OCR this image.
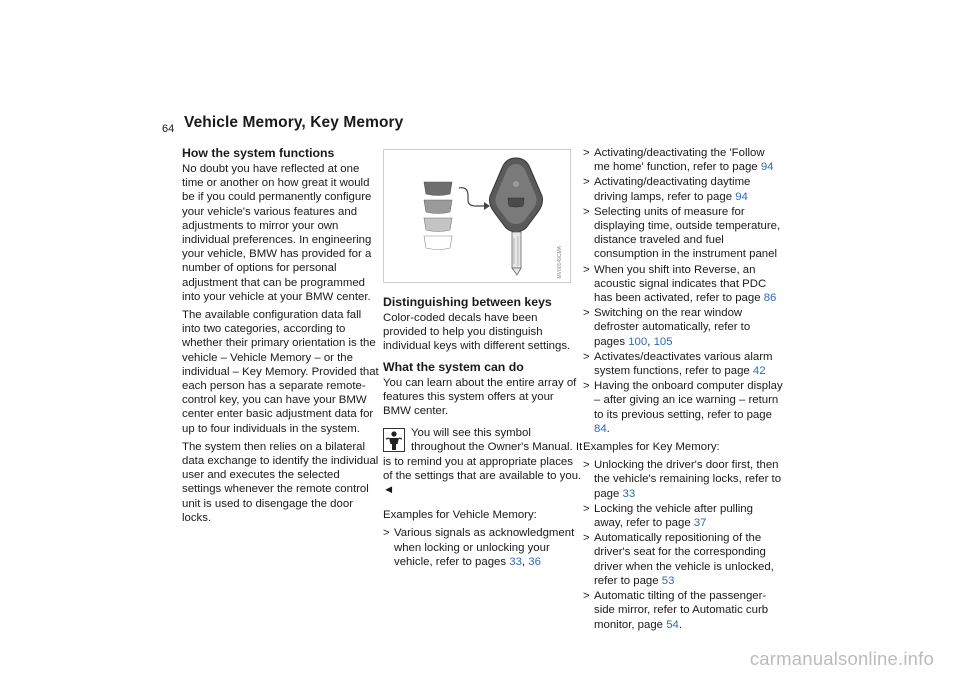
64 Vehicle Memory, Key Memory
How the system functions

No doubt you have reflected at one time or another on how great it would be if you could permanently configure your vehicle's various features and adjustments to mirror your own individual preferences. In engineering your vehicle, BMW has provided for a number of options for personal adjustment that can be programmed into your vehicle at your BMW center.

The available configuration data fall into two categories, according to whether their primary orientation is the vehicle – Vehicle Memory – or the individual – Key Memory. Provided that each person has a separate remote-control key, you can have your BMW center enter basic adjustment data for up to four individuals in the system.

The system then relies on a bilateral data exchange to identify the individual user and executes the selected settings whenever the remote control unit is used to disengage the door locks.

MV00149CMA
Distinguishing between keys

Color-coded decals have been provided to help you distinguish individual keys with different settings.

What the system can do

You can learn about the entire array of features this system offers at your BMW center.

You will see this symbol throughout the Owner's Manual. It is to remind you at appropriate places of the settings that are available to you. ◄

Examples for Vehicle Memory:

> Various signals as acknowledgment when locking or unlocking your vehicle, refer to pages 33, 36
> Activating/deactivating the 'Follow me home' function, refer to page 94
> Activating/deactivating daytime driving lamps, refer to page 94
> Selecting units of measure for displaying time, outside temperature, distance traveled and fuel consumption in the instrument panel
> When you shift into Reverse, an acoustic signal indicates that PDC has been activated, refer to page 86
> Switching on the rear window defroster automatically, refer to pages 100, 105
> Activates/deactivates various alarm system functions, refer to page 42
> Having the onboard computer display – after giving an ice warning – return to its previous setting, refer to page 84.

Examples for Key Memory:

> Unlocking the driver's door first, then the vehicle's remaining locks, refer to page 33
> Locking the vehicle after pulling away, refer to page 37
> Automatically repositioning of the driver's seat for the corresponding driver when the vehicle is unlocked, refer to page 53
> Automatic tilting of the passenger-side mirror, refer to Automatic curb monitor, page 54.
carmanualsonline.info
